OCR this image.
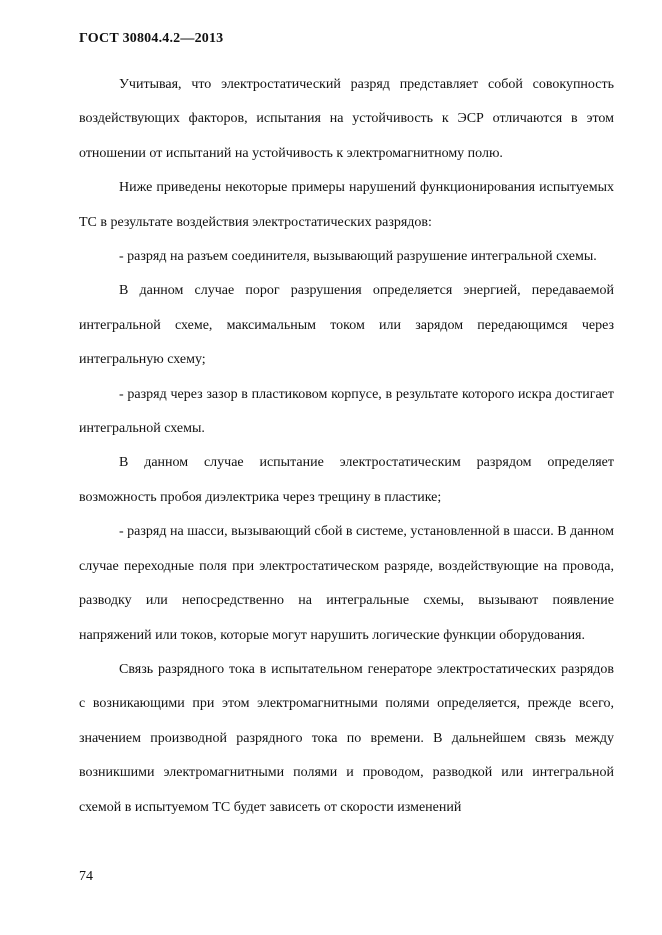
ГОСТ 30804.4.2—2013

Учитывая, что электростатический разряд представляет собой совокупность воздействующих факторов, испытания на устойчивость к ЭСР отличаются в этом отношении от испытаний на устойчивость к электромагнитному полю.

Ниже приведены некоторые примеры нарушений функционирования испытуемых ТС в результате воздействия электростатических разрядов:

- разряд на разъем соединителя, вызывающий разрушение интегральной схемы.

В данном случае порог разрушения определяется энергией, передаваемой интегральной схеме, максимальным током или зарядом передающимся через интегральную схему;

- разряд через зазор в пластиковом корпусе, в результате которого искра достигает интегральной схемы.

В данном случае испытание электростатическим разрядом определяет возможность пробоя диэлектрика через трещину в пластике;

- разряд на шасси, вызывающий сбой в системе, установленной в шасси. В данном случае переходные поля при электростатическом разряде, воздействующие на провода, разводку или непосредственно на интегральные схемы, вызывают появление напряжений или токов, которые могут нарушить логические функции оборудования.

Связь разрядного тока в испытательном генераторе электростатических разрядов с возникающими при этом электромагнитными полями определяется, прежде всего, значением производной разрядного тока по времени. В дальнейшем связь между возникшими электромагнитными полями и проводом, разводкой или интегральной схемой в испытуемом ТС будет зависеть от скорости изменений

74
